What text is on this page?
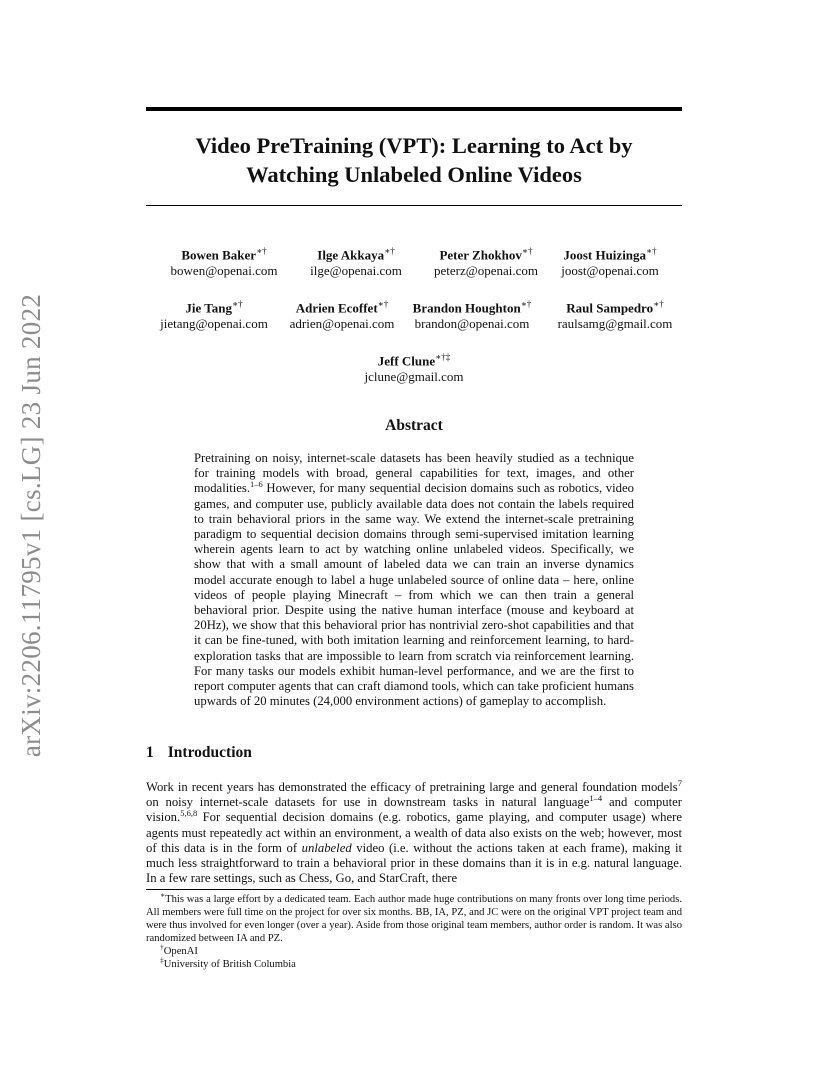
arXiv:2206.11795v1 [cs.LG] 23 Jun 2022
Video PreTraining (VPT): Learning to Act by
Watching Unlabeled Online Videos
Bowen Baker∗†
bowen@openai.com
Ilge Akkaya∗†
ilge@openai.com
Peter Zhokhov∗†
peterz@openai.com
Joost Huizinga∗†
joost@openai.com
Jie Tang∗†
jietang@openai.com
Adrien Ecoffet∗†
adrien@openai.com
Brandon Houghton∗†
brandon@openai.com
Raul Sampedro∗†
raulsamg@gmail.com
Jeff Clune∗†‡
jclune@gmail.com
Abstract

Pretraining on noisy, internet-scale datasets has been heavily studied as a technique for training models with broad, general capabilities for text, images, and other modalities.$^{1-6}$ However, for many sequential decision domains such as robotics, video games, and computer use, publicly available data does not contain the labels required to train behavioral priors in the same way. We extend the internet-scale pretraining paradigm to sequential decision domains through semi-supervised imitation learning wherein agents learn to act by watching online unlabeled videos. Specifically, we show that with a small amount of labeled data we can train an inverse dynamics model accurate enough to label a huge unlabeled source of online data – here, online videos of people playing Minecraft – from which we can then train a general behavioral prior. Despite using the native human interface (mouse and keyboard at 20Hz), we show that this behavioral prior has nontrivial zero-shot capabilities and that it can be fine-tuned, with both imitation learning and reinforcement learning, to hard-exploration tasks that are impossible to learn from scratch via reinforcement learning. For many tasks our models exhibit human-level performance, and we are the first to report computer agents that can craft diamond tools, which can take proficient humans upwards of 20 minutes (24,000 environment actions) of gameplay to accomplish.

1 Introduction

Work in recent years has demonstrated the efficacy of pretraining large and general foundation models$^7$ on noisy internet-scale datasets for use in downstream tasks in natural language$^{1-4}$ and computer vision.$^{5,6,8}$ For sequential decision domains (e.g. robotics, game playing, and computer usage) where agents must repeatedly act within an environment, a wealth of data also exists on the web; however, most of this data is in the form of unlabeled video (i.e. without the actions taken at each frame), making it much less straightforward to train a behavioral prior in these domains than it is in e.g. natural language. In a few rare settings, such as Chess, Go, and StarCraft, there

∗This was a large effort by a dedicated team. Each author made huge contributions on many fronts over long time periods. All members were full time on the project for over six months. BB, IA, PZ, and JC were on the original VPT project team and were thus involved for even longer (over a year). Aside from those original team members, author order is random. It was also randomized between IA and PZ.

†OpenAI

‡University of British Columbia
